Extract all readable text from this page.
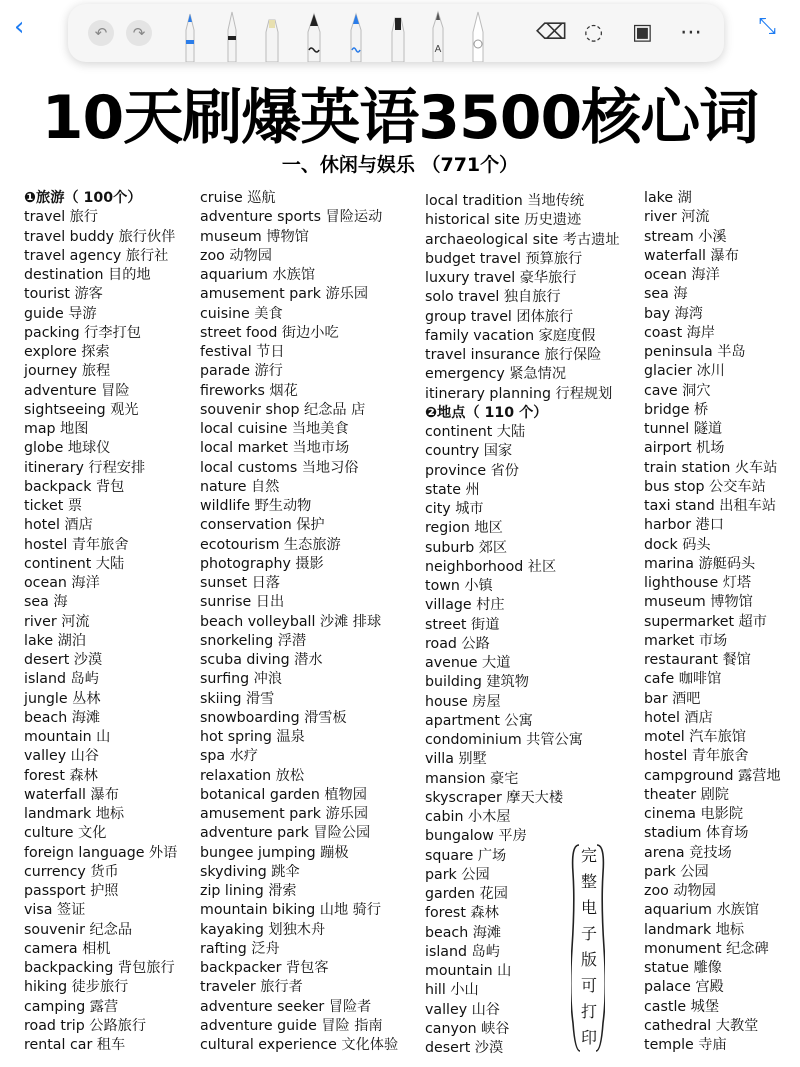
‹	⤡
↶	↷
A
⌫ ◌ ▣ ⋯
10天刷爆英语3500核心词
一、休闲与娱乐 （771个）
❶旅游（ 100个）
travel 旅行
travel buddy 旅行伙伴
travel agency 旅行社
destination 目的地
tourist 游客
guide 导游
packing 行李打包
explore 探索
journey 旅程
adventure 冒险
sightseeing 观光
map 地图
globe 地球仪
itinerary 行程安排
backpack 背包
ticket 票
hotel 酒店
hostel 青年旅舍
continent 大陆
ocean 海洋
sea 海
river 河流
lake 湖泊
desert 沙漠
island 岛屿
jungle 丛林
beach 海滩
mountain 山
valley 山谷
forest 森林
waterfall 瀑布
landmark 地标
culture 文化
foreign language 外语
currency 货币
passport 护照
visa 签证
souvenir 纪念品
camera 相机
backpacking 背包旅行
hiking 徒步旅行
camping 露营
road trip 公路旅行
rental car 租车
cruise 巡航
adventure sports 冒险运动
museum 博物馆
zoo 动物园
aquarium 水族馆
amusement park 游乐园
cuisine 美食
street food 街边小吃
festival 节日
parade 游行
fireworks 烟花
souvenir shop 纪念品 店
local cuisine 当地美食
local market 当地市场
local customs 当地习俗
nature 自然
wildlife 野生动物
conservation 保护
ecotourism 生态旅游
photography 摄影
sunset 日落
sunrise 日出
beach volleyball 沙滩 排球
snorkeling 浮潜
scuba diving 潜水
surfing 冲浪
skiing 滑雪
snowboarding 滑雪板
hot spring 温泉
spa 水疗
relaxation 放松
botanical garden 植物园
amusement park 游乐园
adventure park 冒险公园
bungee jumping 蹦极
skydiving 跳伞
zip lining 滑索
mountain biking 山地 骑行
kayaking 划独木舟
rafting 泛舟
backpacker 背包客
traveler 旅行者
adventure seeker 冒险者
adventure guide 冒险 指南
cultural experience 文化体验
local tradition 当地传统
historical site 历史遗迹
archaeological site 考古遗址
budget travel 预算旅行
luxury travel 豪华旅行
solo travel 独自旅行
group travel 团体旅行
family vacation 家庭度假
travel insurance 旅行保险
emergency 紧急情况
itinerary planning 行程规划
❷地点（ 110 个）
continent 大陆
country 国家
province 省份
state 州
city 城市
region 地区
suburb 郊区
neighborhood 社区
town 小镇
village 村庄
street 街道
road 公路
avenue 大道
building 建筑物
house 房屋
apartment 公寓
condominium 共管公寓
villa 别墅
mansion 豪宅
skyscraper 摩天大楼
cabin 小木屋
bungalow 平房
square 广场
park 公园
garden 花园
forest 森林
beach 海滩
island 岛屿
mountain 山
hill 小山
valley 山谷
canyon 峡谷
desert 沙漠
lake 湖
river 河流
stream 小溪
waterfall 瀑布
ocean 海洋
sea 海
bay 海湾
coast 海岸
peninsula 半岛
glacier 冰川
cave 洞穴
bridge 桥
tunnel 隧道
airport 机场
train station 火车站
bus stop 公交车站
taxi stand 出租车站
harbor 港口
dock 码头
marina 游艇码头
lighthouse 灯塔
museum 博物馆
supermarket 超市
market 市场
restaurant 餐馆
cafe 咖啡馆
bar 酒吧
hotel 酒店
motel 汽车旅馆
hostel 青年旅舍
campground 露营地
theater 剧院
cinema 电影院
stadium 体育场
arena 竞技场
park 公园
zoo 动物园
aquarium 水族馆
landmark 地标
monument 纪念碑
statue 雕像
palace 宫殿
castle 城堡
cathedral 大教堂
temple 寺庙
完
整
电
子
版
可
打
印
